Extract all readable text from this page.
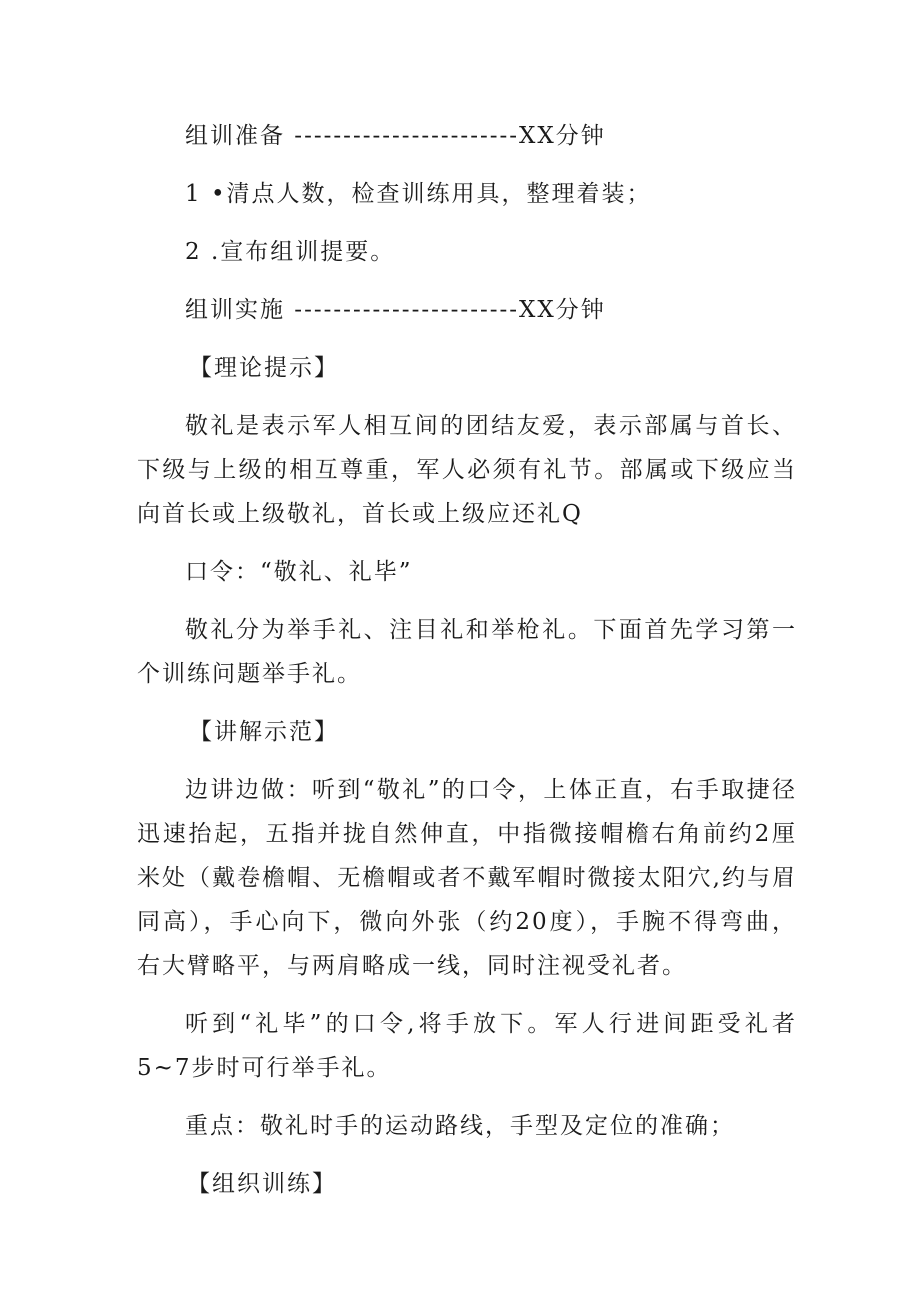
组训准备 -----------------------XX分钟

1 •清点人数，检查训练用具，整理着装；

2 .宣布组训提要。

组训实施 -----------------------XX分钟

【理论提示】

敬礼是表示军人相互间的团结友爱，表示部属与首长、下级与上级的相互尊重，军人必须有礼节。部属或下级应当向首长或上级敬礼，首长或上级应还礼Q

口令：“敬礼、礼毕”

敬礼分为举手礼、注目礼和举枪礼。下面首先学习第一个训练问题举手礼。

【讲解示范】

边讲边做：听到“敬礼”的口令，上体正直，右手取捷径迅速抬起，五指并拢自然伸直，中指微接帽檐右角前约2厘米处（戴卷檐帽、无檐帽或者不戴军帽时微接太阳穴,约与眉同高），手心向下，微向外张（约20度），手腕不得弯曲，右大臂略平，与两肩略成一线，同时注视受礼者。

听到“礼毕”的口令,将手放下。军人行进间距受礼者5~7步时可行举手礼。

重点：敬礼时手的运动路线，手型及定位的准确；

【组织训练】
